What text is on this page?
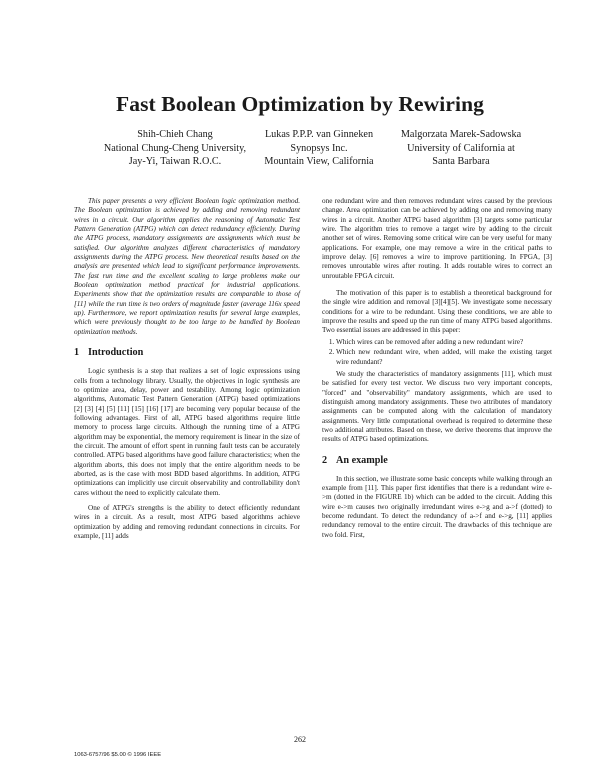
Fast Boolean Optimization by Rewiring
Shih-Chieh Chang
National Chung-Cheng University,
Jay-Yi, Taiwan R.O.C.
Lukas P.P.P. van Ginneken
Synopsys Inc.
Mountain View, California
Malgorzata Marek-Sadowska
University of California at
Santa Barbara

This paper presents a very efficient Boolean logic optimization method. The Boolean optimization is achieved by adding and removing redundant wires in a circuit. Our algorithm applies the reasoning of Automatic Test Pattern Generation (ATPG) which can detect redundancy efficiently. During the ATPG process, mandatory assignments are assignments which must be satisfied. Our algorithm analyzes different characteristics of mandatory assignments during the ATPG process. New theoretical results based on the analysis are presented which lead to significant performance improvements. The fast run time and the excellent scaling to large problems make our Boolean optimization method practical for industrial applications. Experiments show that the optimization results are comparable to those of [11] while the run time is two orders of magnitude faster (average 116x speed up). Furthermore, we report optimization results for several large examples, which were previously thought to be too large to be handled by Boolean optimization methods.

1 Introduction

Logic synthesis is a step that realizes a set of logic expressions using cells from a technology library. Usually, the objectives in logic synthesis are to optimize area, delay, power and testability. Among logic optimization algorithms, Automatic Test Pattern Generation (ATPG) based optimizations [2] [3] [4] [5] [11] [15] [16] [17] are becoming very popular because of the following advantages. First of all, ATPG based algorithms require little memory to process large circuits. Although the running time of a ATPG algorithm may be exponential, the memory requirement is linear in the size of the circuit. The amount of effort spent in running fault tests can be accurately controlled. ATPG based algorithms have good failure characteristics; when the algorithm aborts, this does not imply that the entire algorithm needs to be aborted, as is the case with most BDD based algorithms. In addition, ATPG optimizations can implicitly use circuit observability and controllability don't cares without the need to explicitly calculate them.

One of ATPG's strengths is the ability to detect efficiently redundant wires in a circuit. As a result, most ATPG based algorithms achieve optimization by adding and removing redundant connections in circuits. For example, [11] adds

one redundant wire and then removes redundant wires caused by the previous change. Area optimization can be achieved by adding one and removing many wires in a circuit. Another ATPG based algorithm [3] targets some particular wire. The algorithm tries to remove a target wire by adding to the circuit another set of wires. Removing some critical wire can be very useful for many applications. For example, one may remove a wire in the critical paths to improve delay. [6] removes a wire to improve partitioning. In FPGA, [3] removes unroutable wires after routing. It adds routable wires to correct an unroutable FPGA circuit.

The motivation of this paper is to establish a theoretical background for the single wire addition and removal [3][4][5]. We investigate some necessary conditions for a wire to be redundant. Using these conditions, we are able to improve the results and speed up the run time of many ATPG based algorithms. Two essential issues are addressed in this paper:

1. Which wires can be removed after adding a new redundant wire?
2. Which new redundant wire, when added, will make the existing target wire redundant?

We study the characteristics of mandatory assignments [11], which must be satisfied for every test vector. We discuss two very important concepts, "forced" and "observability" mandatory assignments, which are used to distinguish among mandatory assignments. These two attributes of mandatory assignments can be computed along with the calculation of mandatory assignments. Very little computational overhead is required to determine these two additional attributes. Based on these, we derive theorems that improve the results of ATPG based optimizations.

2 An example

In this section, we illustrate some basic concepts while walking through an example from [11]. This paper first identifies that there is a redundant wire e->m (dotted in the FIGURE 1b) which can be added to the circuit. Adding this wire e->m causes two originally irredundant wires e->g and a->f (dotted) to become redundant. To detect the redundancy of a->f and e->g, [11] applies redundancy removal to the entire circuit. The drawbacks of this technique are two fold. First,

262
1063-6757/96 $5.00 © 1996 IEEE
